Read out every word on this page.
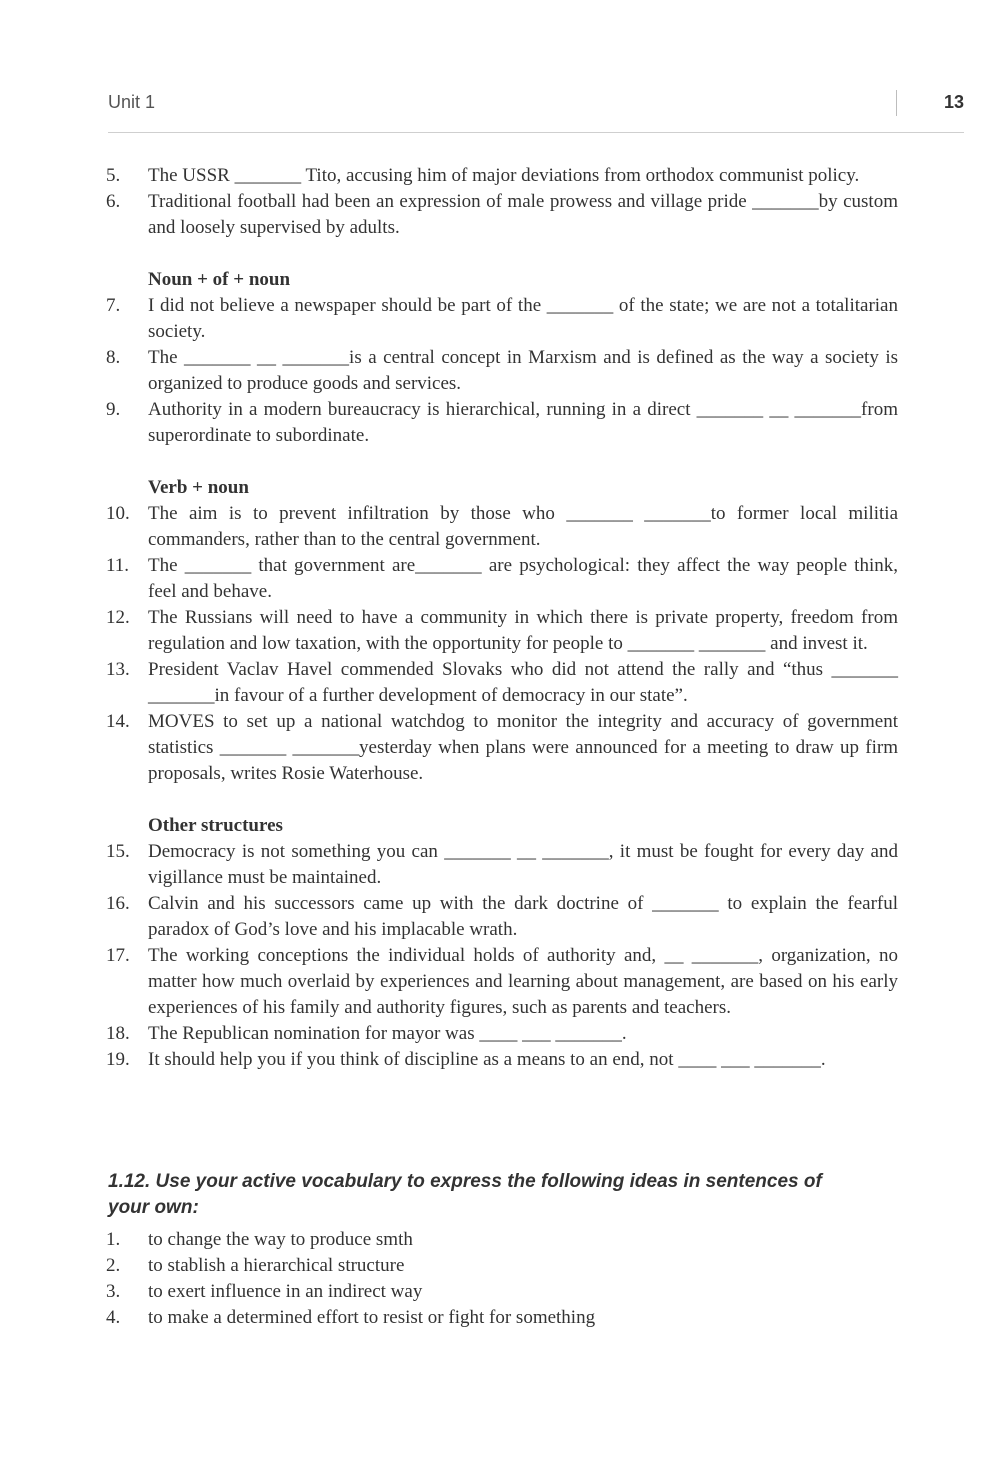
Unit 1	13
5.	The USSR _______ Tito, accusing him of major deviations from orthodox communist policy.
6.	Traditional football had been an expression of male prowess and village pride _______by custom and loosely supervised by adults.
Noun + of + noun
7.	I did not believe a newspaper should be part of the _______ of the state; we are not a totalitarian society.
8.	The _______ __ _______is a central concept in Marxism and is defined as the way a society is organized to produce goods and services.
9.	Authority in a modern bureaucracy is hierarchical, running in a direct _______ __ _______from superordinate to subordinate.
Verb + noun
10. The aim is to prevent infiltration by those who _______ _______to former local militia commanders, rather than to the central government.
11. The _______ that government are_______ are psychological: they affect the way people think, feel and behave.
12. The Russians will need to have a community in which there is private property, freedom from regulation and low taxation, with the opportunity for people to _______ _______ and invest it.
13. President Vaclav Havel commended Slovaks who did not attend the rally and “thus _______ _______in favour of a further development of democracy in our state”.
14. MOVES to set up a national watchdog to monitor the integrity and accuracy of government statistics _______ _______yesterday when plans were announced for a meeting to draw up firm proposals, writes Rosie Waterhouse.
Other structures
15. Democracy is not something you can _______ __ _______, it must be fought for every day and vigillance must be maintained.
16. Calvin and his successors came up with the dark doctrine of _______ to explain the fearful paradox of God’s love and his implacable wrath.
17. The working conceptions the individual holds of authority and, __ _______, organization, no matter how much overlaid by experiences and learning about management, are based on his early experiences of his family and authority figures, such as parents and teachers.
18. The Republican nomination for mayor was ____ ___ _______.
19. It should help you if you think of discipline as a means to an end, not ____ ___ _______.
1.12. Use your active vocabulary to express the following ideas in sentences of your own:
1.	to change the way to produce smth
2.	to stablish a hierarchical structure
3.	to exert influence in an indirect way
4.	to make a determined effort to resist or fight for something
